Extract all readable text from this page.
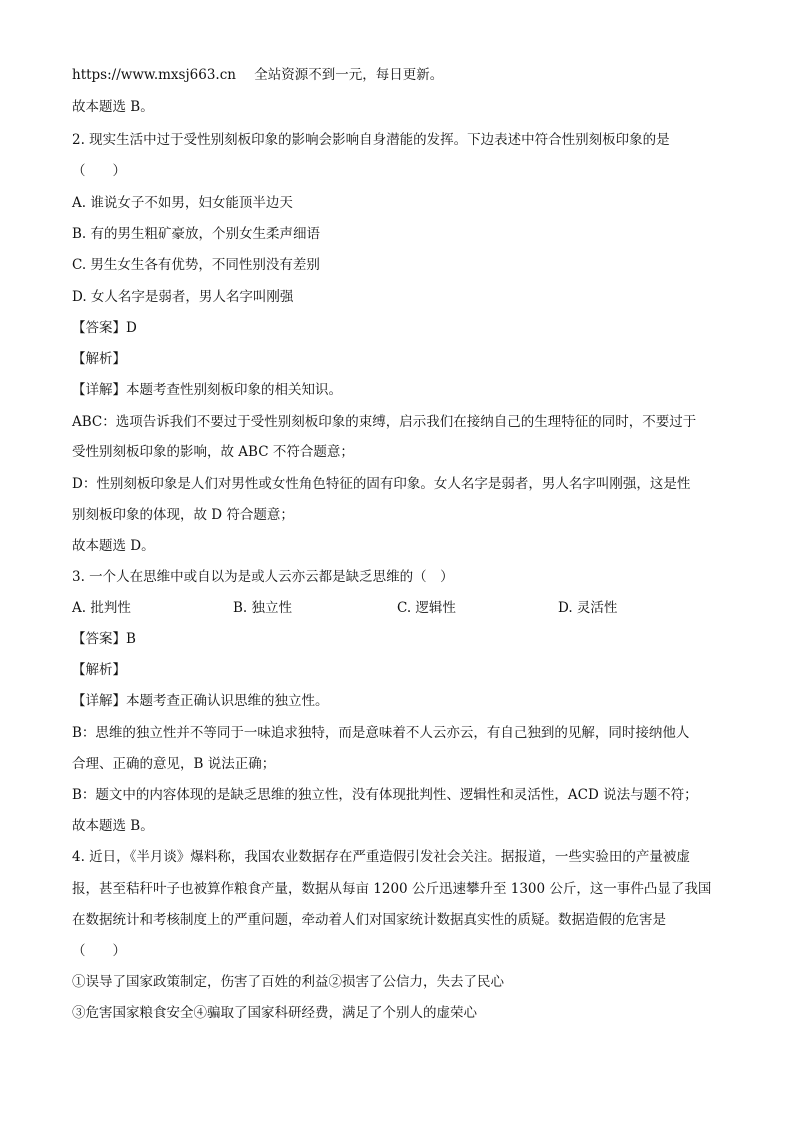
https://www.mxsj663.cn 全站资源不到一元，每日更新。
故本题选 B。
2. 现实生活中过于受性别刻板印象的影响会影响自身潜能的发挥。下边表述中符合性别刻板印象的是
（　　）
A. 谁说女子不如男，妇女能顶半边天
B. 有的男生粗矿豪放，个别女生柔声细语
C. 男生女生各有优势，不同性别没有差别
D. 女人名字是弱者，男人名字叫刚强
【答案】D
【解析】
【详解】本题考查性别刻板印象的相关知识。
ABC：选项告诉我们不要过于受性别刻板印象的束缚，启示我们在接纳自己的生理特征的同时，不要过于
受性别刻板印象的影响，故 ABC 不符合题意；
D：性别刻板印象是人们对男性或女性角色特征的固有印象。女人名字是弱者，男人名字叫刚强，这是性
别刻板印象的体现，故 D 符合题意；
故本题选 D。
3. 一个人在思维中或自以为是或人云亦云都是缺乏思维的（　）
A. 批判性	B. 独立性	C. 逻辑性	D. 灵活性
【答案】B
【解析】
【详解】本题考查正确认识思维的独立性。
B：思维的独立性并不等同于一味追求独特，而是意味着不人云亦云，有自己独到的见解，同时接纳他人
合理、正确的意见，B 说法正确；
B：题文中的内容体现的是缺乏思维的独立性，没有体现批判性、逻辑性和灵活性，ACD 说法与题不符；
故本题选 B。
4. 近日，《半月谈》爆料称，我国农业数据存在严重造假引发社会关注。据报道，一些实验田的产量被虚
报，甚至秸秆叶子也被算作粮食产量，数据从每亩 1200 公斤迅速攀升至 1300 公斤，这一事件凸显了我国
在数据统计和考核制度上的严重问题，牵动着人们对国家统计数据真实性的质疑。数据造假的危害是
（　　）
①误导了国家政策制定，伤害了百姓的利益②损害了公信力，失去了民心
③危害国家粮食安全④骗取了国家科研经费，满足了个别人的虚荣心
